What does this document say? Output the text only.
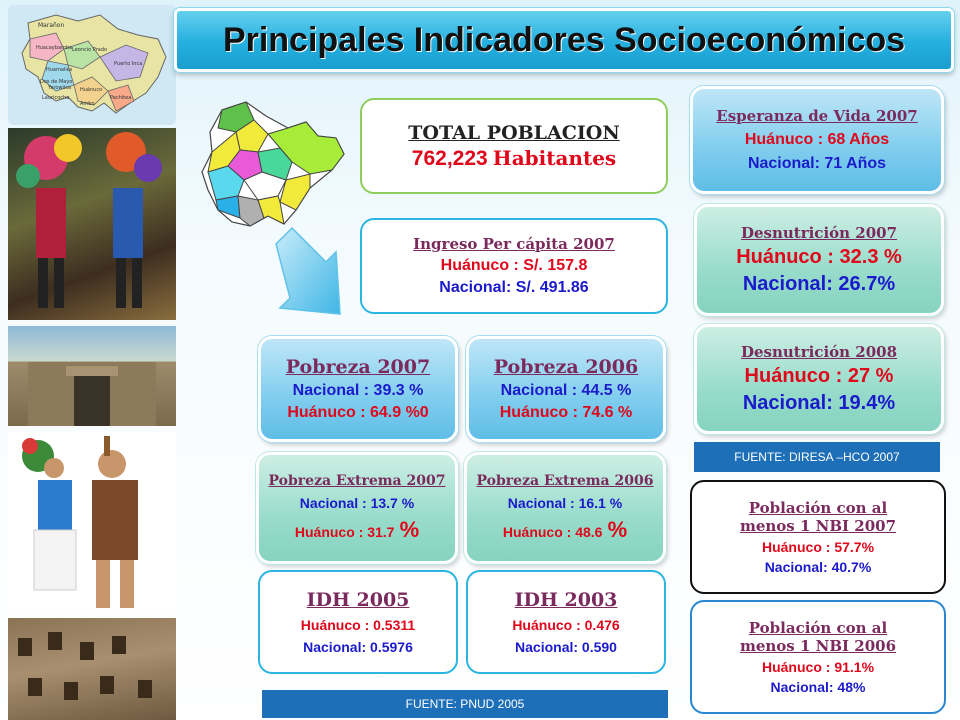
Marañon
Huacaybamba Leoncio Prado
Puerto Inca
Huamalies
Dos de Mayo
Yarowilca
Lauricocha
Huánuco
Pachitea
Ambo
Principales Indicadores Socioeconómicos
TOTAL POBLACION
762,223 Habitantes
Ingreso Per cápita 2007
Huánuco : S/. 157.8
Nacional: S/. 491.86
Esperanza de Vida 2007
Huánuco : 68 Años
Nacional: 71 Años
Desnutrición 2007
Huánuco : 32.3 %
Nacional: 26.7%
Desnutrición 2008
Huánuco : 27 %
Nacional: 19.4%
FUENTE: DIRESA –HCO 2007
Pobreza 2007
Nacional : 39.3 %
Huánuco : 64.9 %0
Pobreza 2006
Nacional : 44.5 %
Huánuco : 74.6 %
Pobreza Extrema 2007
Nacional : 13.7 %
Huánuco : 31.7 %
Pobreza Extrema 2006
Nacional : 16.1 %
Huánuco : 48.6 %
Población con al
menos 1 NBI 2007
Huánuco : 57.7%
Nacional: 40.7%
Población con al
menos 1 NBI 2006
Huánuco : 91.1%
Nacional: 48%
IDH 2005
Huánuco : 0.5311
Nacional: 0.5976
IDH 2003
Huánuco : 0.476
Nacional: 0.590
FUENTE: PNUD 2005
